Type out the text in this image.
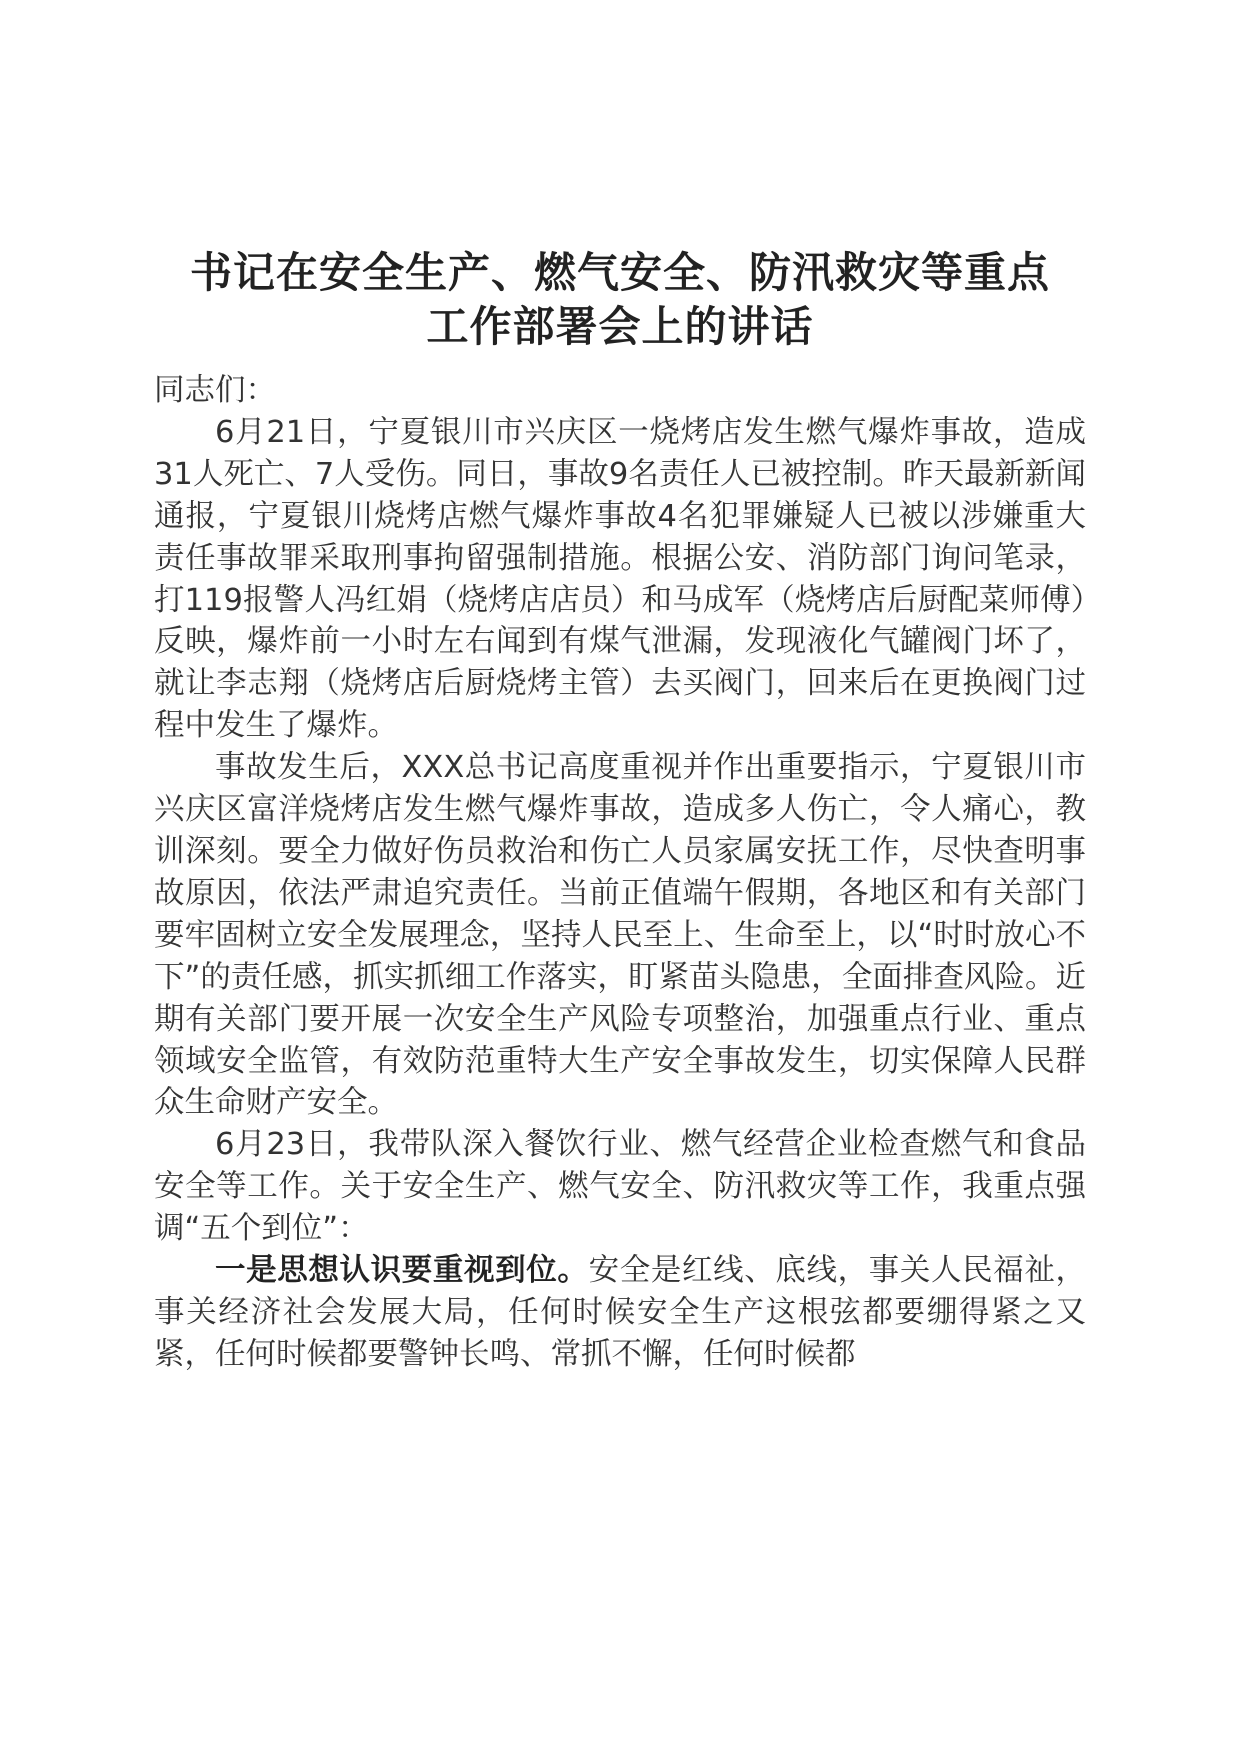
书记在安全生产、燃气安全、防汛救灾等重点
工作部署会上的讲话

同志们：

6月21日，宁夏银川市兴庆区一烧烤店发生燃气爆炸事故，造成31人死亡、7人受伤。同日，事故9名责任人已被控制。昨天最新新闻通报，宁夏银川烧烤店燃气爆炸事故4名犯罪嫌疑人已被以涉嫌重大责任事故罪采取刑事拘留强制措施。根据公安、消防部门询问笔录，打119报警人冯红娟（烧烤店店员）和马成军（烧烤店后厨配菜师傅）反映，爆炸前一小时左右闻到有煤气泄漏，发现液化气罐阀门坏了，就让李志翔（烧烤店后厨烧烤主管）去买阀门，回来后在更换阀门过程中发生了爆炸。

事故发生后，XXX总书记高度重视并作出重要指示，宁夏银川市兴庆区富洋烧烤店发生燃气爆炸事故，造成多人伤亡，令人痛心，教训深刻。要全力做好伤员救治和伤亡人员家属安抚工作，尽快查明事故原因，依法严肃追究责任。当前正值端午假期，各地区和有关部门要牢固树立安全发展理念，坚持人民至上、生命至上，以“时时放心不下”的责任感，抓实抓细工作落实，盯紧苗头隐患，全面排查风险。近期有关部门要开展一次安全生产风险专项整治，加强重点行业、重点领域安全监管，有效防范重特大生产安全事故发生，切实保障人民群众生命财产安全。

6月23日，我带队深入餐饮行业、燃气经营企业检查燃气和食品安全等工作。关于安全生产、燃气安全、防汛救灾等工作，我重点强调“五个到位”：

一是思想认识要重视到位。安全是红线、底线，事关人民福祉，事关经济社会发展大局，任何时候安全生产这根弦都要绷得紧之又紧，任何时候都要警钟长鸣、常抓不懈，任何时候都
